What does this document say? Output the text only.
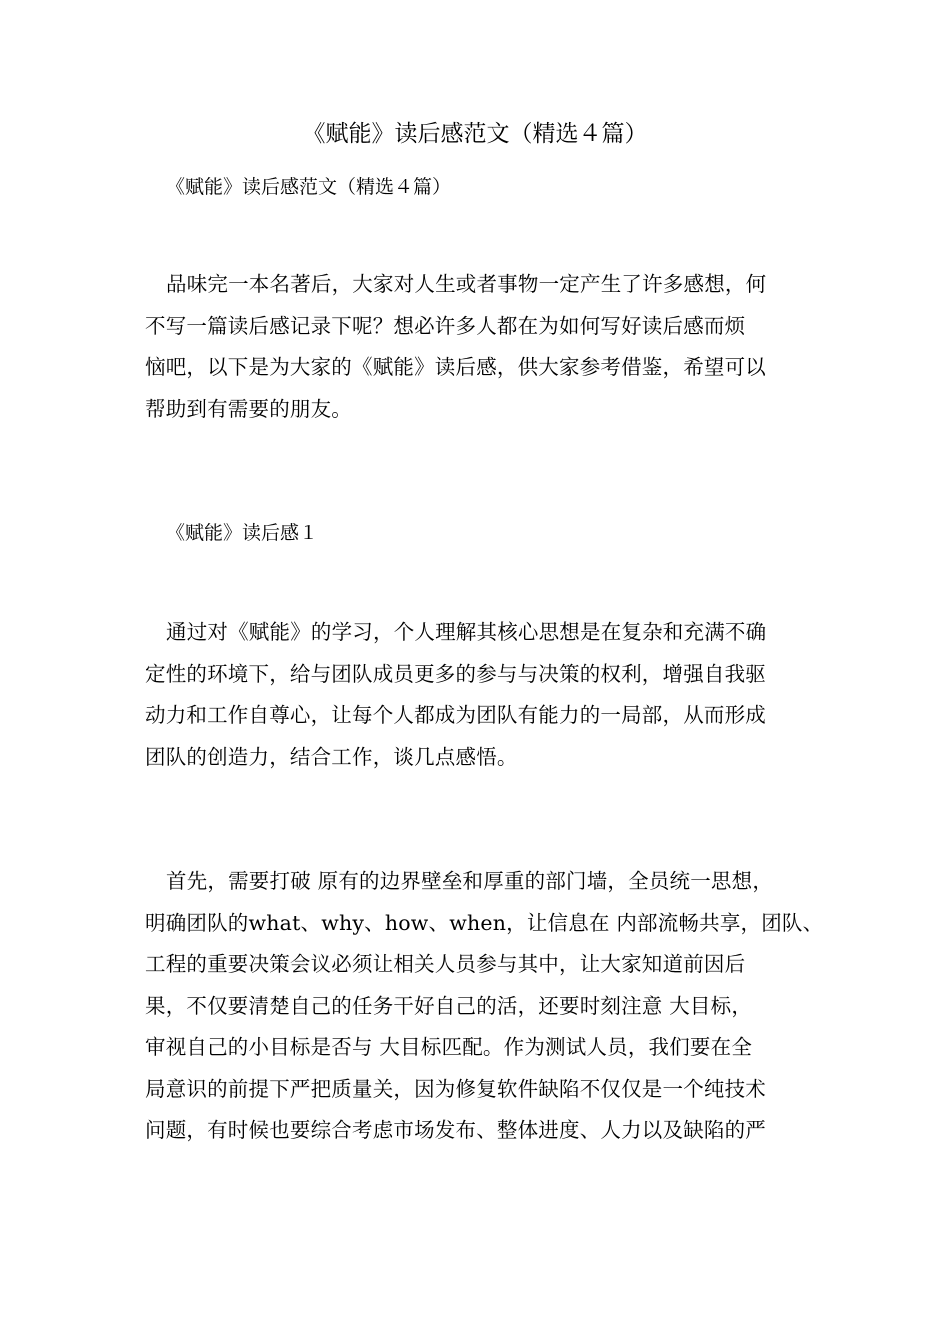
《赋能》读后感范文（精选４篇）
《赋能》读后感范文（精选４篇）
品味完一本名著后，大家对人生或者事物一定产生了许多感想，何
不写一篇读后感记录下呢？想必许多人都在为如何写好读后感而烦
恼吧，以下是为大家的《赋能》读后感，供大家参考借鉴，希望可以
帮助到有需要的朋友。
《赋能》读后感１
通过对《赋能》的学习，个人理解其核心思想是在复杂和充满不确
定性的环境下，给与团队成员更多的参与与决策的权利，增强自我驱
动力和工作自尊心，让每个人都成为团队有能力的一局部，从而形成
团队的创造力，结合工作，谈几点感悟。
首先，需要打破 原有的边界壁垒和厚重的部门墙，全员统一思想，
明确团队的what、why、how、when，让信息在 内部流畅共享，团队、
工程的重要决策会议必须让相关人员参与其中，让大家知道前因后
果，不仅要清楚自己的任务干好自己的活，还要时刻注意 大目标，
审视自己的小目标是否与 大目标匹配。作为测试人员，我们要在全
局意识的前提下严把质量关，因为修复软件缺陷不仅仅是一个纯技术
问题，有时候也要综合考虑市场发布、整体进度、人力以及缺陷的严
